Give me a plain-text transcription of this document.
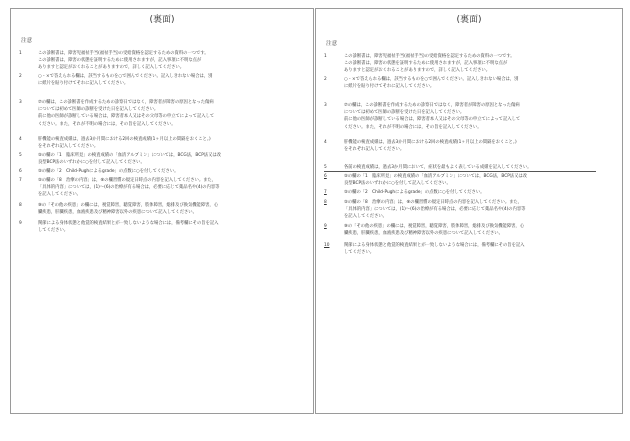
(裏面)
注意
1	この診断書は，障害児福祉手当(福祉手当)の受給資格を認定するための資料の一つです。
この診断書は，障害の状態を証明するために使用されますが，記入事項に不明な点が
ありますと認定がおくれることがありますので，詳しく記入してください。
2	○・×で答えられる欄は，該当するものを○で囲んでください。記入しきれない場合は，別
に紙片を貼り付けてそれに記入してください。
3	⑦の欄は，この診断書を作成するための診察日ではなく，障害者が障害の原因となった傷病
については初めて医師の診断を受けた日を記入してください。
前に他の医師が診断している場合は，障害者本人又はその父母等の申立てによって記入して
ください。また，それが不明の場合には，その旨を記入してください。
4	肝機能の検査成績は，過去3か月間における2回の検査成績(1ヶ月以上の間隔をおくこと。)
をそれぞれ記入してください。
5	⑤の欄の「1　臨床所見」の検査成績の「血清アルブミン」については，BCG法，BCP法又は改
良型BCP法のいずれかに○を付して記入してください。
6	⑤の欄の「2　Child-Pughによるgrade」の点数に○を付してください。
7	⑤の欄の「8　治療の内容」は，⑧の欄習慣の規定日時点の内容を記入してください。また，
「具体的内容」については，(1)～(6)の治療が有る場合は，必要に応じて薬品名や(4)の内容等
を記入してください。
8	⑨の「その他の疾患」の欄には，視覚障害，聴覚障害，肢体障害，総排及び換気機能障害，心
臓疾患，肝臓疾患，血液疾患及び精神障害以外の疾患について記入してください。
9	関節による身体状態と他覚的検査結果とが一致しないような場合には，備考欄にその旨を記入
してください。
(裏面)
注意
1	この診断書は，障害児福祉手当(福祉手当)の受給資格を認定するための資料の一つです。
この診断書は，障害の状態を証明するために使用されますが，記入事項に不明な点が
ありますと認定がおくれることがありますので，詳しく記入してください。
2	○・×で答えられる欄は，該当するものを○で囲んでください。記入しきれない場合は，別
に紙片を貼り付けてそれに記入してください。
3	⑦の欄は，この診断書を作成するための診察日ではなく，障害者が障害の原因となった傷病
については初めて医師の診断を受けた日を記入してください。
前に他の医師が診断している場合は，障害者本人又はその父母等の申立てによって記入して
ください。また，それが不明の場合には，その旨を記入してください。
4	肝機能の検査成績は，過去3か月間における2回の検査成績(1ヶ月以上の間隔をおくこと。)
をそれぞれ記入してください。
5	各前の検査成績は，過去3か月間において，症状を最もよく表している成績を記入してください。
6	⑤の欄の「1　臨床所見」の検査成績の「血清アルブミン」については，BCG法，BCP法又は改
良型BCP法のいずれかに○を付して記入してください。
7	⑤の欄の「2　Child-Pughによるgrade」の点数に○を付してください。
8	⑤の欄の「8　治療の内容」は，⑧の欄習慣の規定日時点の内容を記入してください。また，
「具体的内容」については，(1)～(6)の治療が有る場合は，必要に応じて薬品名や(4)の内容等
を記入してください。
9	⑨の「その他の疾患」の欄には，視覚障害，聴覚障害，肢体障害，総排及び換気機能障害，心
臓疾患，肝臓疾患，血液疾患及び精神障害以外の疾患について記入してください。
10	関節による身体状態と他覚的検査結果とが一致しないような場合には，備考欄にその旨を記入
してください。
